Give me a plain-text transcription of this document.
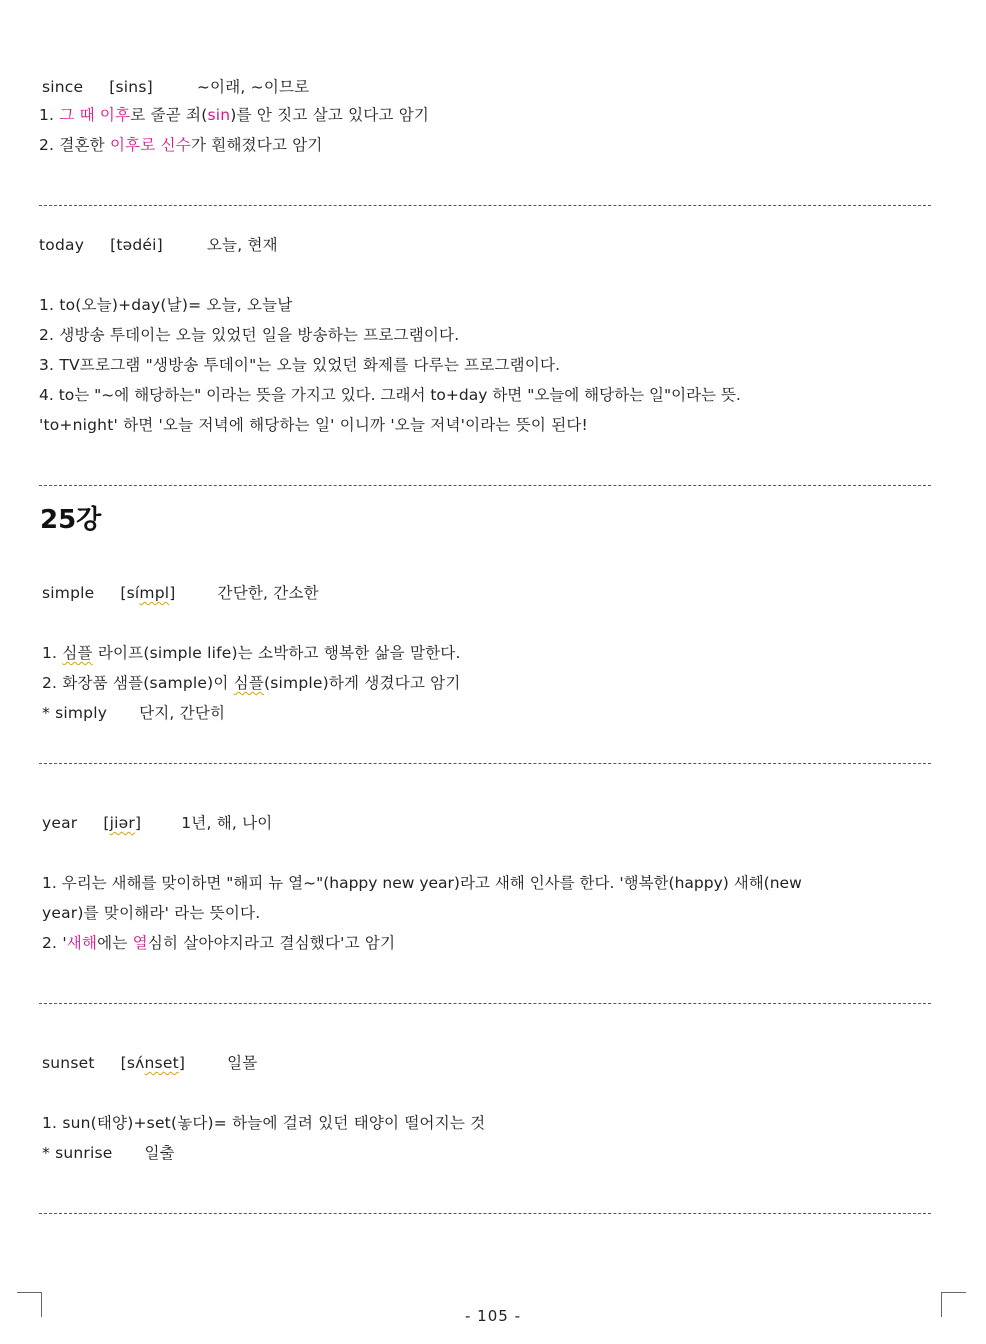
since [sins]	~이래, ~이므로
1. 그 때 이후로 줄곧 죄(sin)를 안 짓고 살고 있다고 암기
2. 결혼한 이후로 신수가 훤해졌다고 암기
today [tədéi]	오늘, 현재
1. to(오늘)+day(날)= 오늘, 오늘날
2. 생방송 투데이는 오늘 있었던 일을 방송하는 프로그램이다.
3. TV프로그램 "생방송 투데이"는 오늘 있었던 화제를 다루는 프로그램이다.
4. to는 "~에 해당하는" 이라는 뜻을 가지고 있다. 그래서 to+day 하면 "오늘에 해당하는 일"이라는 뜻.
'to+night' 하면 '오늘 저녁에 해당하는 일' 이니까 '오늘 저녁'이라는 뜻이 된다!
25강
simple [símpl]	간단한, 간소한
1. 심플 라이프(simple life)는 소박하고 행복한 삶을 말한다.
2. 화장품 샘플(sample)이 심플(simple)하게 생겼다고 암기
* simply 단지, 간단히
year [jiər]	1년, 해, 나이
1. 우리는 새해를 맞이하면 "해피 뉴 열~"(happy new year)라고 새해 인사를 한다. '행복한(happy) 새해(new
year)를 맞이해라' 라는 뜻이다.
2. '새해에는 열심히 살아야지라고 결심했다'고 암기
sunset [sʌ́nset]	일몰
1. sun(태양)+set(놓다)= 하늘에 걸려 있던 태양이 떨어지는 것
* sunrise 일출
- 105 -
